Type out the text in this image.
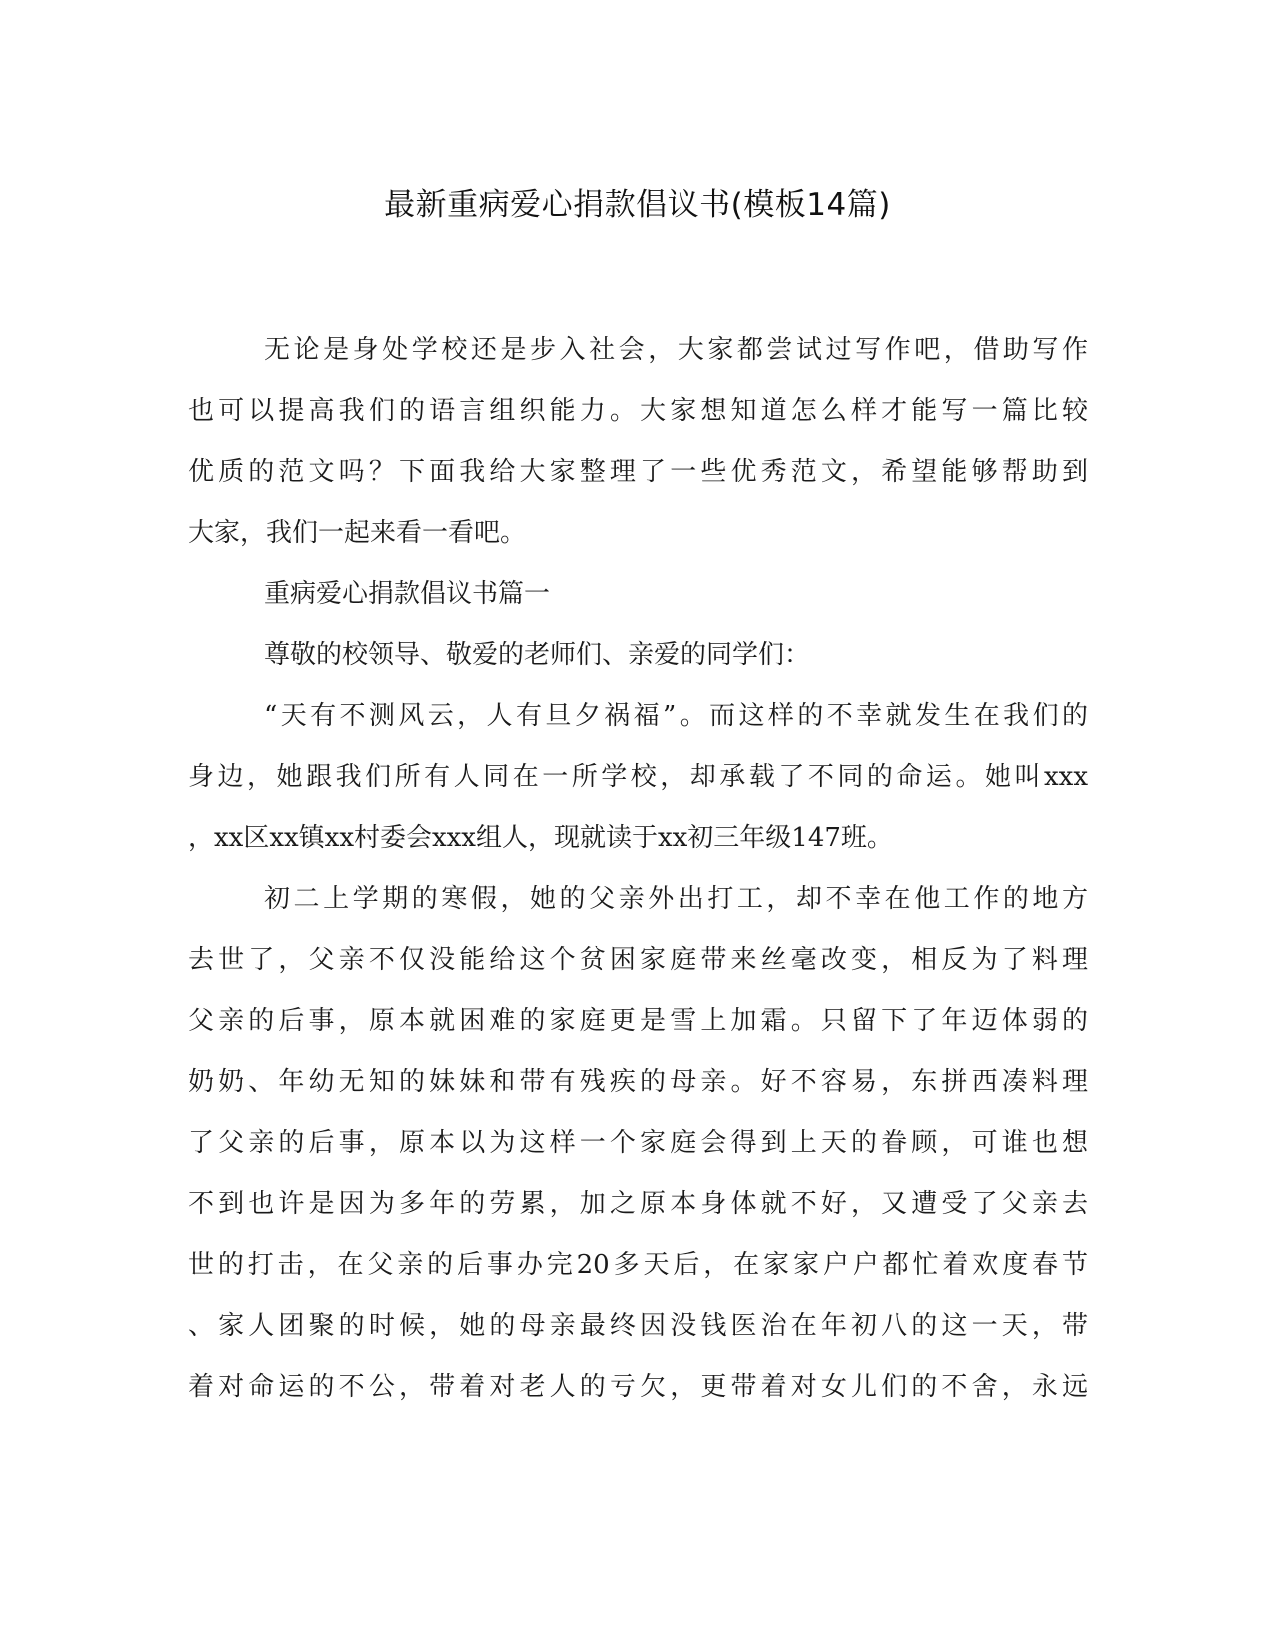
最新重病爱心捐款倡议书(模板14篇)
无论是身处学校还是步入社会，大家都尝试过写作吧，借助写作
也可以提高我们的语言组织能力。大家想知道怎么样才能写一篇比较
优质的范文吗？下面我给大家整理了一些优秀范文，希望能够帮助到
大家，我们一起来看一看吧。
重病爱心捐款倡议书篇一
尊敬的校领导、敬爱的老师们、亲爱的同学们：
“天有不测风云，人有旦夕祸福”。而这样的不幸就发生在我们的
身边，她跟我们所有人同在一所学校，却承载了不同的命运。她叫xxx
，xx区xx镇xx村委会xxx组人，现就读于xx初三年级147班。
初二上学期的寒假，她的父亲外出打工，却不幸在他工作的地方
去世了，父亲不仅没能给这个贫困家庭带来丝毫改变，相反为了料理
父亲的后事，原本就困难的家庭更是雪上加霜。只留下了年迈体弱的
奶奶、年幼无知的妹妹和带有残疾的母亲。好不容易，东拼西凑料理
了父亲的后事，原本以为这样一个家庭会得到上天的眷顾，可谁也想
不到也许是因为多年的劳累，加之原本身体就不好，又遭受了父亲去
世的打击，在父亲的后事办完20多天后，在家家户户都忙着欢度春节
、家人团聚的时候，她的母亲最终因没钱医治在年初八的这一天，带
着对命运的不公，带着对老人的亏欠，更带着对女儿们的不舍，永远
